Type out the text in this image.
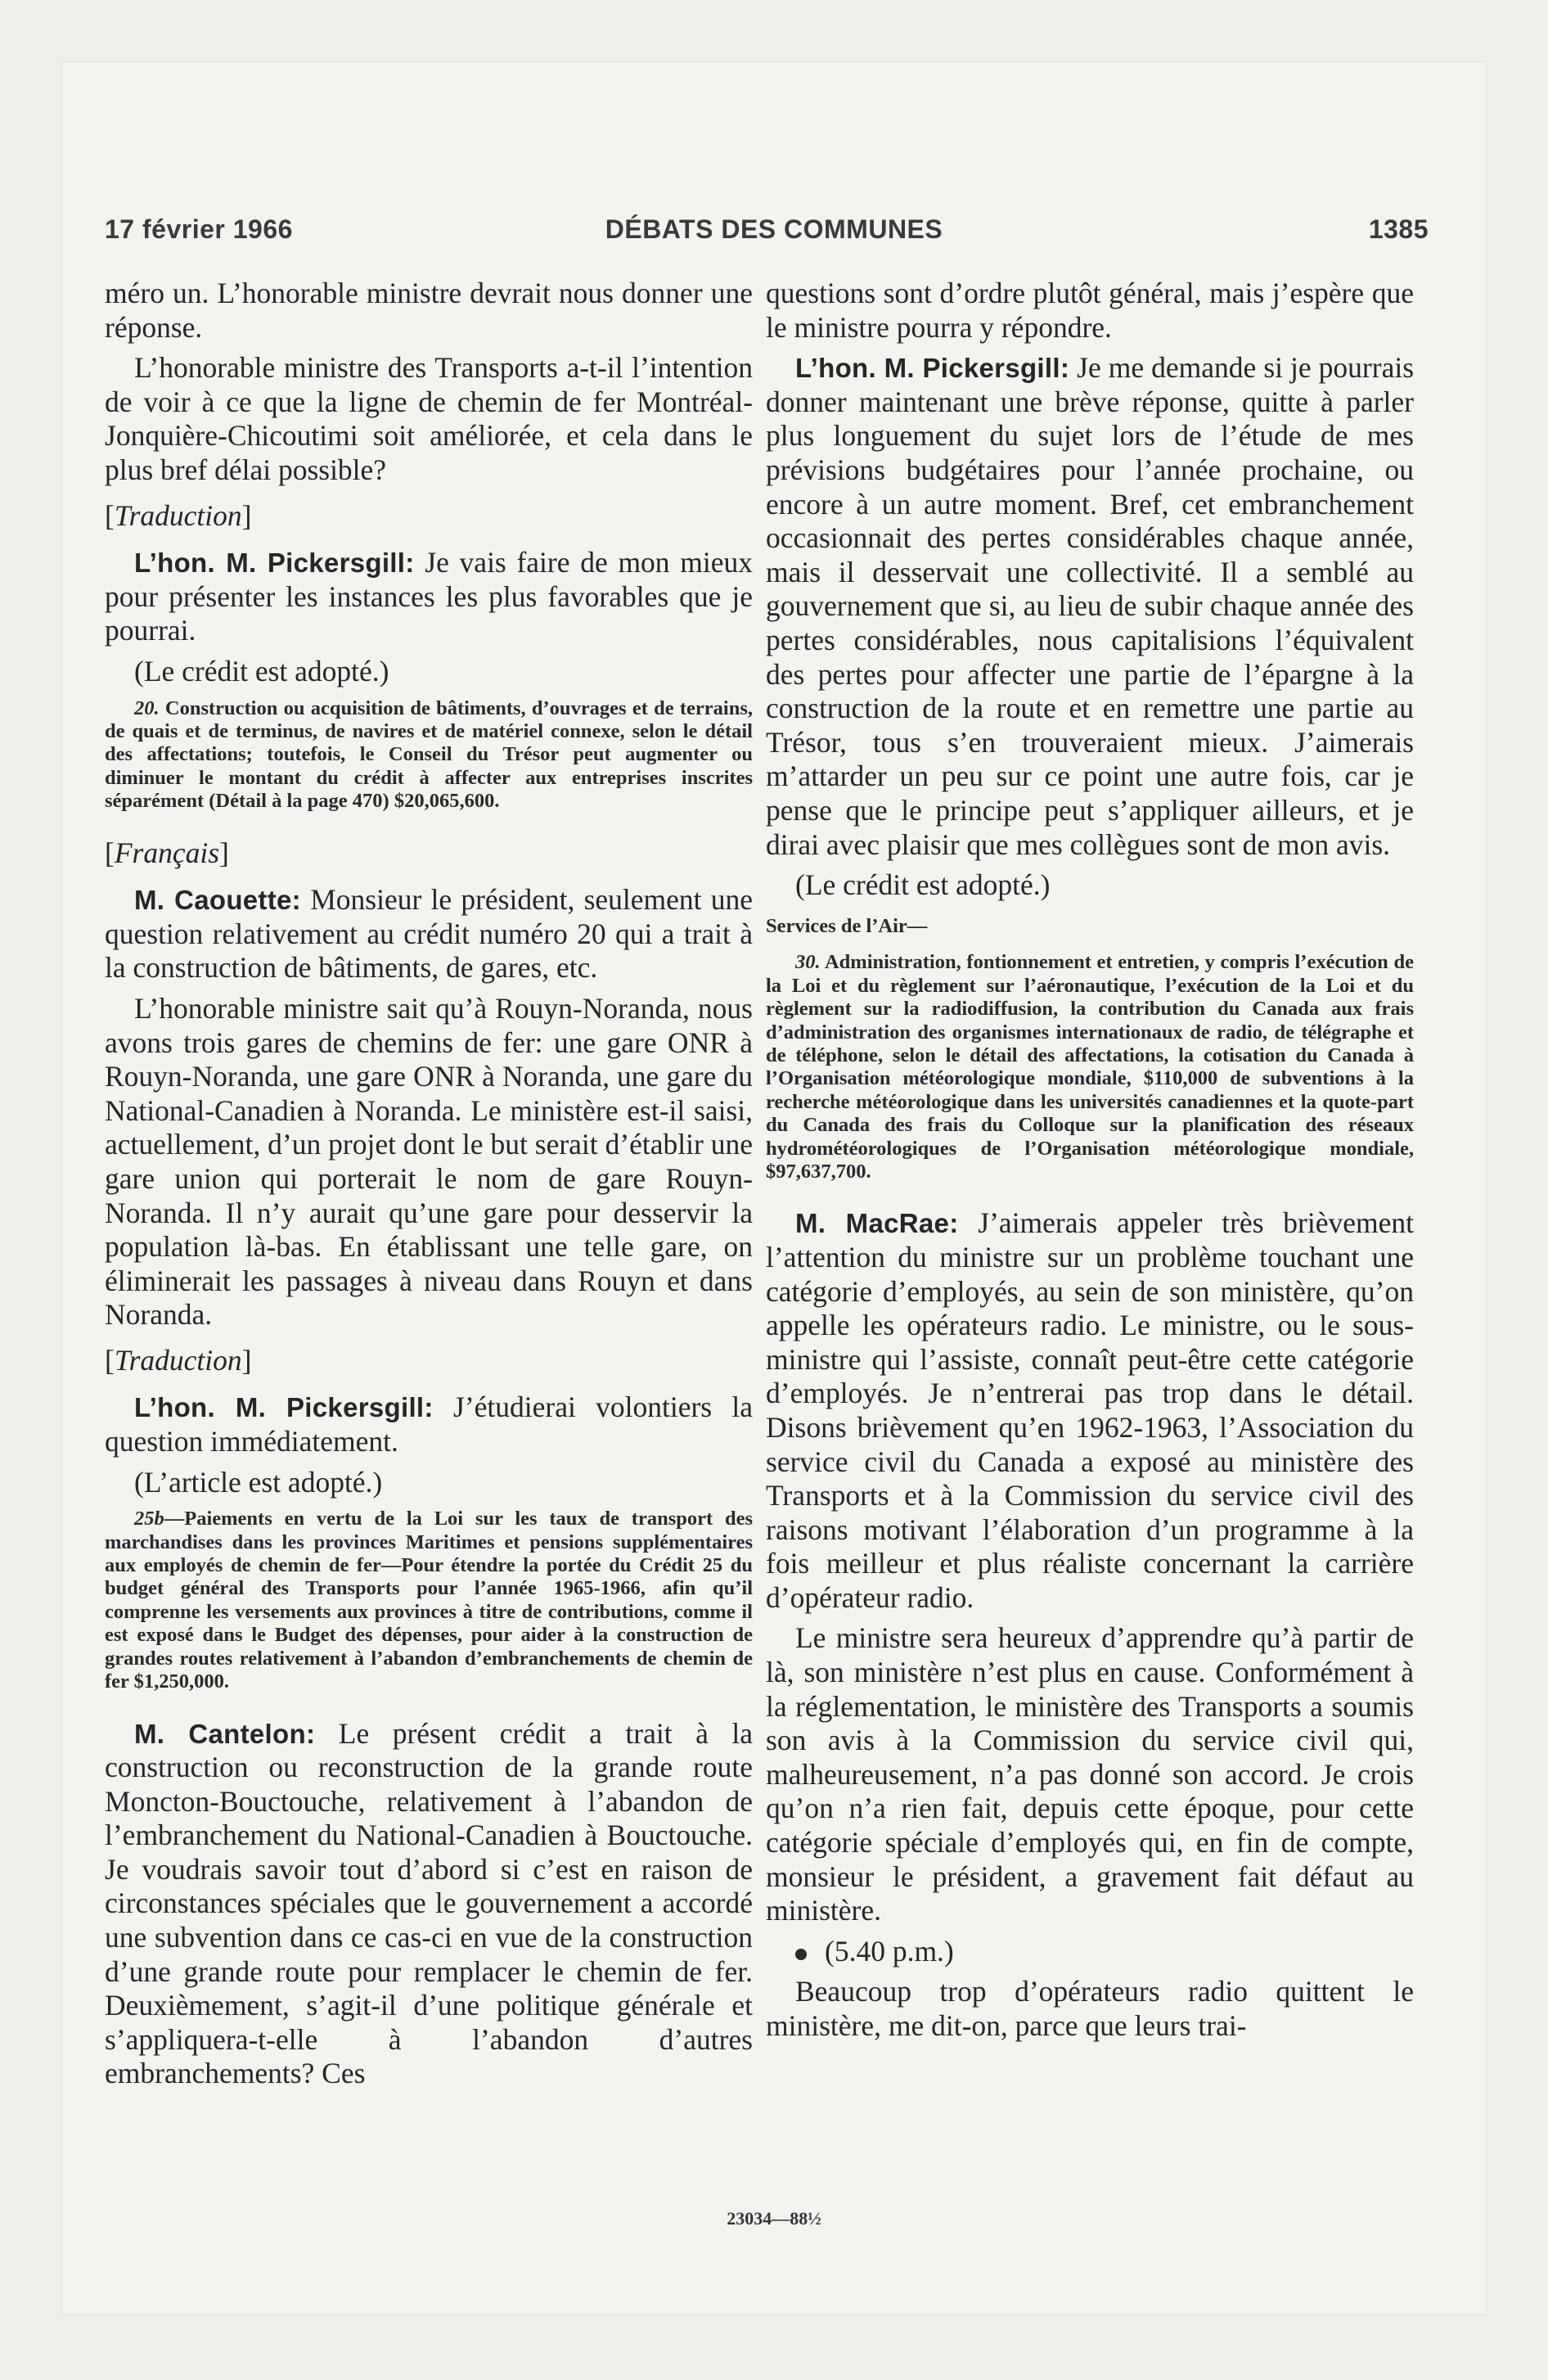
17 février 1966	DÉBATS DES COMMUNES	1385

méro un. L’honorable ministre devrait nous donner une réponse.

L’honorable ministre des Transports a-t-il l’intention de voir à ce que la ligne de chemin de fer Montréal-Jonquière-Chicoutimi soit améliorée, et cela dans le plus bref délai possible?

[Traduction]

L’hon. M. Pickersgill: Je vais faire de mon mieux pour présenter les instances les plus favorables que je pourrai.

(Le crédit est adopté.)

20. Construction ou acquisition de bâtiments, d’ouvrages et de terrains, de quais et de terminus, de navires et de matériel connexe, selon le détail des affectations; toutefois, le Conseil du Trésor peut augmenter ou diminuer le montant du crédit à affecter aux entreprises inscrites séparément (Détail à la page 470) $20,065,600.

[Français]

M. Caouette: Monsieur le président, seulement une question relativement au crédit numéro 20 qui a trait à la construction de bâtiments, de gares, etc.

L’honorable ministre sait qu’à Rouyn-Noranda, nous avons trois gares de chemins de fer: une gare ONR à Rouyn-Noranda, une gare ONR à Noranda, une gare du National-Canadien à Noranda. Le ministère est-il saisi, actuellement, d’un projet dont le but serait d’établir une gare union qui porterait le nom de gare Rouyn-Noranda. Il n’y aurait qu’une gare pour desservir la population là-bas. En établissant une telle gare, on éliminerait les passages à niveau dans Rouyn et dans Noranda.

[Traduction]

L’hon. M. Pickersgill: J’étudierai volontiers la question immédiatement.

(L’article est adopté.)

25b—Paiements en vertu de la Loi sur les taux de transport des marchandises dans les provinces Maritimes et pensions supplémentaires aux employés de chemin de fer—Pour étendre la portée du Crédit 25 du budget général des Transports pour l’année 1965-1966, afin qu’il comprenne les versements aux provinces à titre de contributions, comme il est exposé dans le Budget des dépenses, pour aider à la construction de grandes routes relativement à l’abandon d’embranchements de chemin de fer $1,250,000.

M. Cantelon: Le présent crédit a trait à la construction ou reconstruction de la grande route Moncton-Bouctouche, relativement à l’abandon de l’embranchement du National-Canadien à Bouctouche. Je voudrais savoir tout d’abord si c’est en raison de circonstances spéciales que le gouvernement a accordé une subvention dans ce cas-ci en vue de la construction d’une grande route pour remplacer le chemin de fer. Deuxièmement, s’agit-il d’une politique générale et s’appliquera-t-elle à l’abandon d’autres embranchements? Ces

questions sont d’ordre plutôt général, mais j’espère que le ministre pourra y répondre.

L’hon. M. Pickersgill: Je me demande si je pourrais donner maintenant une brève réponse, quitte à parler plus longuement du sujet lors de l’étude de mes prévisions budgétaires pour l’année prochaine, ou encore à un autre moment. Bref, cet embranchement occasionnait des pertes considérables chaque année, mais il desservait une collectivité. Il a semblé au gouvernement que si, au lieu de subir chaque année des pertes considérables, nous capitalisions l’équivalent des pertes pour affecter une partie de l’épargne à la construction de la route et en remettre une partie au Trésor, tous s’en trouveraient mieux. J’aimerais m’attarder un peu sur ce point une autre fois, car je pense que le principe peut s’appliquer ailleurs, et je dirai avec plaisir que mes collègues sont de mon avis.

(Le crédit est adopté.)

Services de l’Air—
30. Administration, fontionnement et entretien, y compris l’exécution de la Loi et du règlement sur l’aéronautique, l’exécution de la Loi et du règlement sur la radiodiffusion, la contribution du Canada aux frais d’administration des organismes internationaux de radio, de télégraphe et de téléphone, selon le détail des affectations, la cotisation du Canada à l’Organisation météorologique mondiale, $110,000 de subventions à la recherche météorologique dans les universités canadiennes et la quote-part du Canada des frais du Colloque sur la planification des réseaux hydrométéorologiques de l’Organisation météorologique mondiale, $97,637,700.

M. MacRae: J’aimerais appeler très brièvement l’attention du ministre sur un problème touchant une catégorie d’employés, au sein de son ministère, qu’on appelle les opérateurs radio. Le ministre, ou le sous-ministre qui l’assiste, connaît peut-être cette catégorie d’employés. Je n’entrerai pas trop dans le détail. Disons brièvement qu’en 1962-1963, l’Association du service civil du Canada a exposé au ministère des Transports et à la Commission du service civil des raisons motivant l’élaboration d’un programme à la fois meilleur et plus réaliste concernant la carrière d’opérateur radio.

Le ministre sera heureux d’apprendre qu’à partir de là, son ministère n’est plus en cause. Conformément à la réglementation, le ministère des Transports a soumis son avis à la Commission du service civil qui, malheureusement, n’a pas donné son accord. Je crois qu’on n’a rien fait, depuis cette époque, pour cette catégorie spéciale d’employés qui, en fin de compte, monsieur le président, a gravement fait défaut au ministère.

(5.40 p.m.)

Beaucoup trop d’opérateurs radio quittent le ministère, me dit-on, parce que leurs trai-

23034—88½
